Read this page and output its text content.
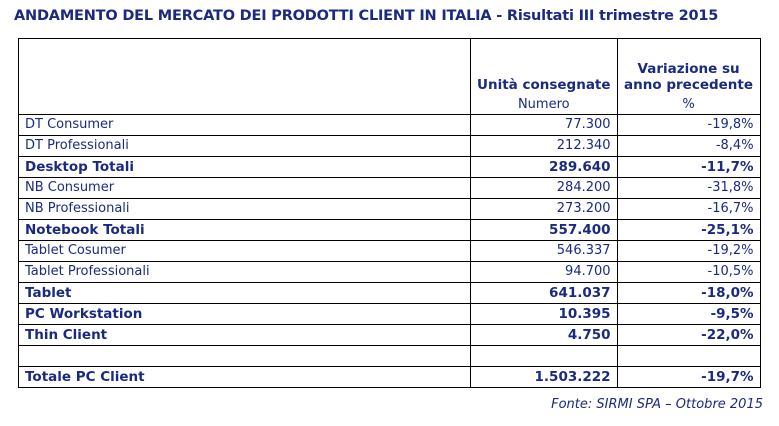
ANDAMENTO DEL MERCATO DEI PRODOTTI CLIENT IN ITALIA - Risultati III trimestre 2015

	Unità consegnate	Variazione su
anno precedente

	Numero	%

DT Consumer	77.300	-19,8%
DT Professionali	212.340	-8,4%
Desktop Totali	289.640	-11,7%
NB Consumer	284.200	-31,8%
NB Professionali	273.200	-16,7%
Notebook Totali	557.400	-25,1%
Tablet Cosumer	546.337	-19,2%
Tablet Professionali	94.700	-10,5%
Tablet	641.037	-18,0%
PC Workstation	10.395	-9,5%
Thin Client	4.750	-22,0%

Totale PC Client	1.503.222	-19,7%
Fonte: SIRMI SPA – Ottobre 2015
